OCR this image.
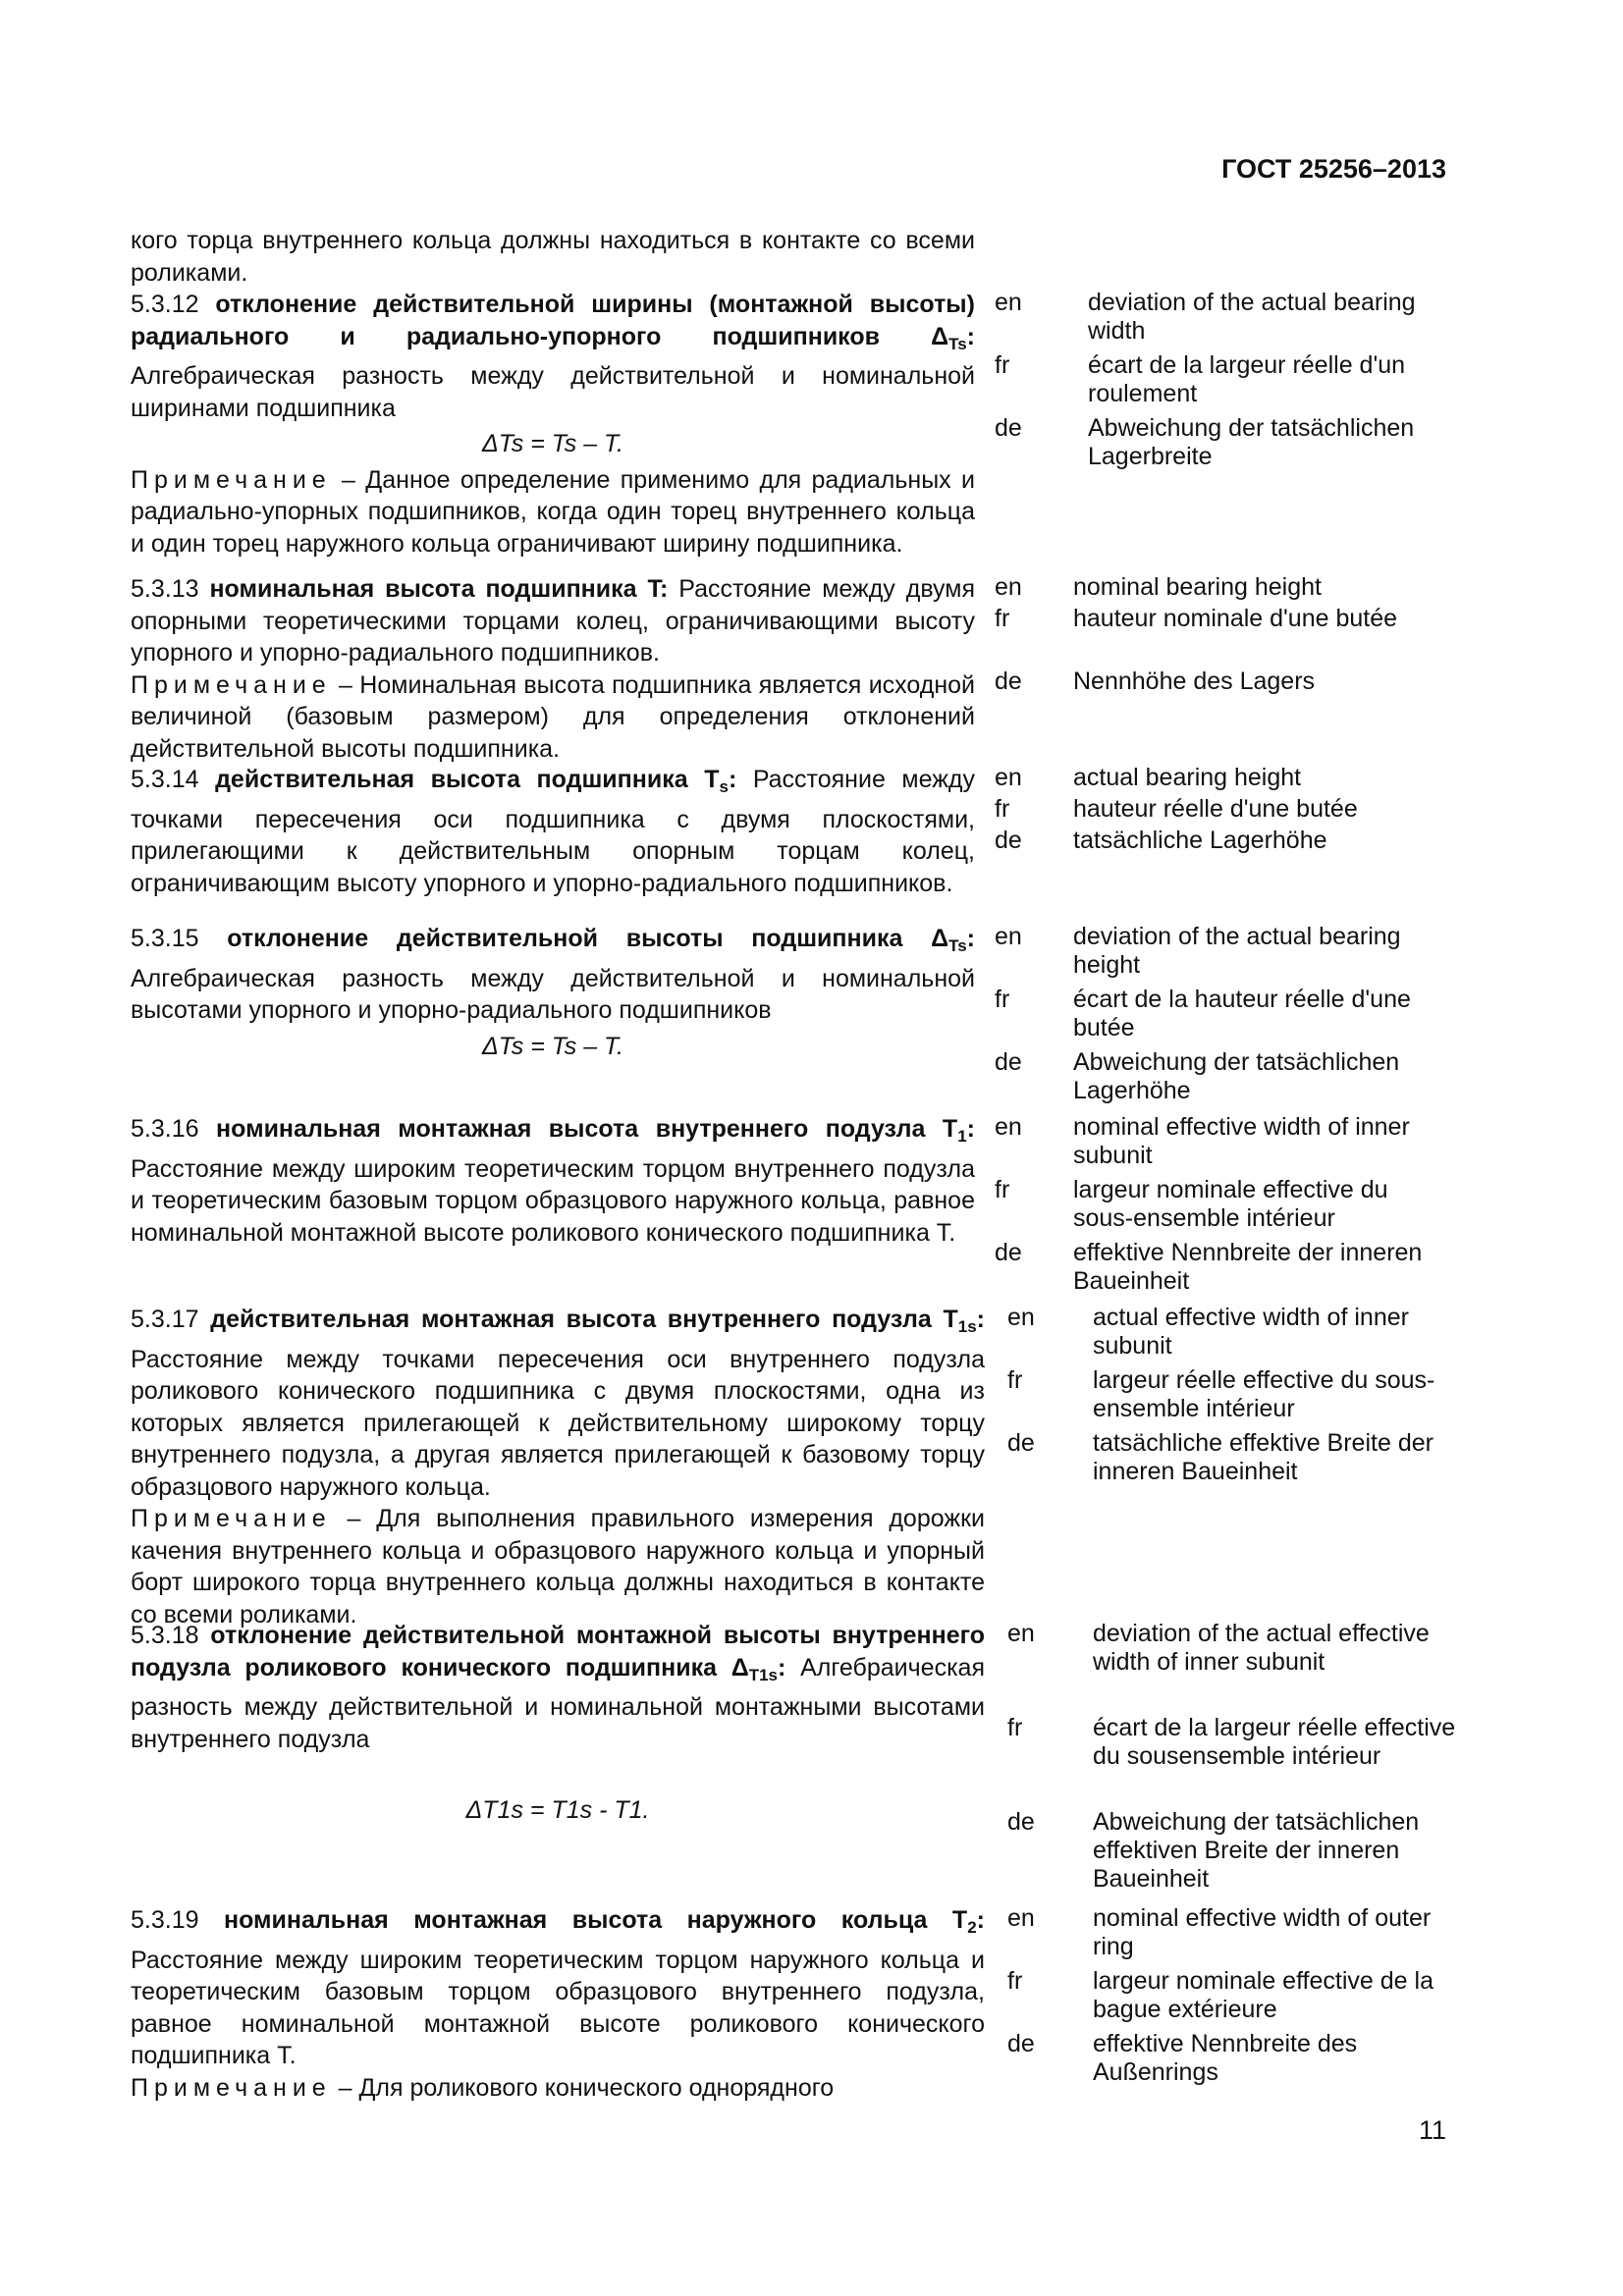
ГОСТ 25256–2013
кого торца внутреннего кольца должны находиться в контакте со всеми роликами.
5.3.12 отклонение действительной ширины (монтажной высоты) радиального и радиально-упорного подшипников $\Delta_{Ts}$: Алгебраическая разность между действительной и номинальной ширинами подшипника
ΔTs = Ts – T.
Примечание – Данное определение применимо для радиальных и радиально-упорных подшипников, когда один торец внутреннего кольца и один торец наружного кольца ограничивают ширину подшипника.
en	deviation of the actual bearing width
fr	écart de la largeur réelle d'un roulement
de	Abweichung der tatsächlichen Lagerbreite
5.3.13 номинальная высота подшипника T: Расстояние между двумя опорными теоретическими торцами колец, ограничивающими высоту упорного и упорно-радиального подшипников.
Примечание – Номинальная высота подшипника является исходной величиной (базовым размером) для определения отклонений действительной высоты подшипника.
en nominal bearing height
fr	hauteur nominale d'une butée
de Nennhöhe des Lagers
5.3.14 действительная высота подшипника $T_s$: Расстояние между точками пересечения оси подшипника с двумя плоскостями, прилегающими к действительным опорным торцам колец, ограничивающим высоту упорного и упорно-радиального подшипников.
en actual bearing height
fr	hauteur réelle d'une butée
de tatsächliche Lagerhöhe
5.3.15 отклонение действительной высоты подшипника $\Delta_{Ts}$: Алгебраическая разность между действительной и номинальной высотами упорного и упорно-радиального подшипников
ΔTs = Ts – T.
en deviation of the actual bearing height
fr	écart de la hauteur réelle d'une butée
de Abweichung der tatsächlichen Lagerhöhe
5.3.16 номинальная монтажная высота внутреннего подузла $T_1$: Расстояние между широким теоретическим торцом внутреннего подузла и теоретическим базовым торцом образцового наружного кольца, равное номинальной монтажной высоте роликового конического подшипника T.
en nominal effective width of inner subunit
fr	largeur nominale effective du sous-ensemble intérieur
de effektive Nennbreite der inneren Baueinheit
5.3.17 действительная монтажная высота внутреннего подузла $T_{1s}$: Расстояние между точками пересечения оси внутреннего подузла роликового конического подшипника с двумя плоскостями, одна из которых является прилегающей к действительному широкому торцу внутреннего подузла, а другая является прилегающей к базовому торцу образцового наружного кольца.
Примечание – Для выполнения правильного измерения дорожки качения внутреннего кольца и образцового наружного кольца и упорный борт широкого торца внутреннего кольца должны находиться в контакте со всеми роликами.
en actual effective width of inner subunit
fr	largeur réelle effective du sous-ensemble intérieur
de tatsächliche effektive Breite der inneren Baueinheit
5.3.18 отклонение действительной монтажной высоты внутреннего подузла роликового конического подшипника $\Delta_{T1s}$: Алгебраическая разность между действительной и номинальной монтажными высотами внутреннего подузла
ΔT1s = T1s - T1.
en deviation of the actual effective width of inner subunit
fr	écart de la largeur réelle effective du sousensemble intérieur
de Abweichung der tatsächlichen effektiven Breite der inneren Baueinheit
5.3.19 номинальная монтажная высота наружного кольца $T_2$: Расстояние между широким теоретическим торцом наружного кольца и теоретическим базовым торцом образцового внутреннего подузла, равное номинальной монтажной высоте роликового конического подшипника T.
Примечание – Для роликового конического однорядного
en nominal effective width of outer ring
fr	largeur nominale effective de la bague extérieure
de effektive Nennbreite des Außenrings
11
